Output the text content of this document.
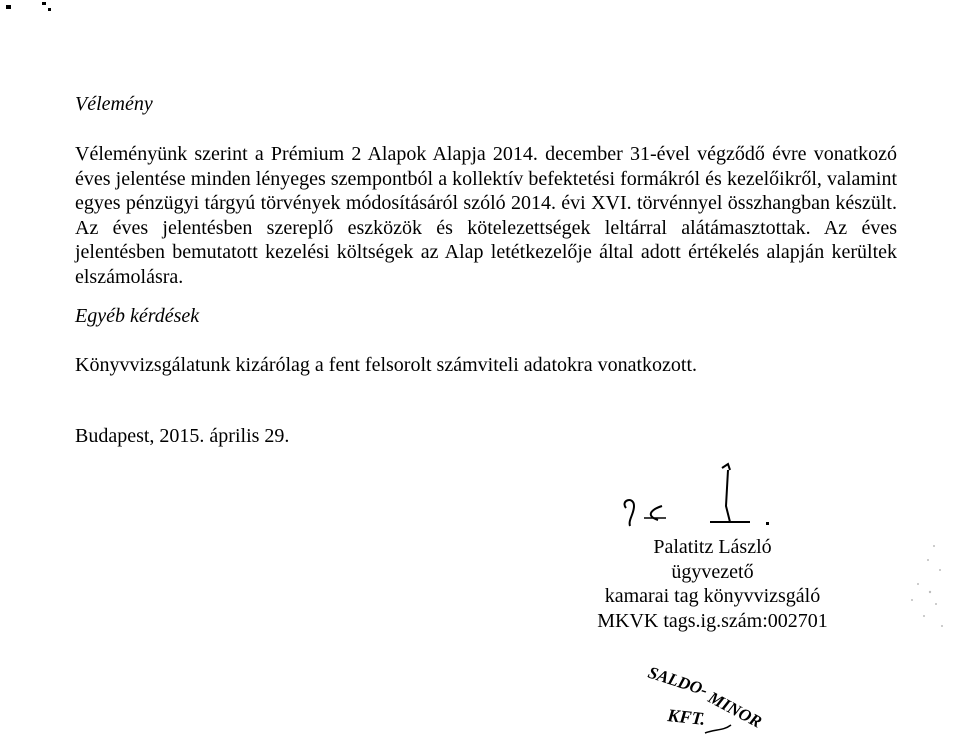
Vélemény
Véleményünk szerint a Prémium 2 Alapok Alapja 2014. december 31-ével végződő évre vonatkozó éves jelentése minden lényeges szempontból a kollektív befektetési formákról és kezelőikről, valamint egyes pénzügyi tárgyú törvények módosításáról szóló 2014. évi XVI. törvénnyel összhangban készült. Az éves jelentésben szereplő eszközök és kötelezettségek leltárral alátámasztottak. Az éves jelentésben bemutatott kezelési költségek az Alap letétkezelője által adott értékelés alapján kerültek elszámolásra.
Egyéb kérdések
Könyvvizsgálatunk kizárólag a fent felsorolt számviteli adatokra vonatkozott.
Budapest, 2015. április 29.
Palatitz László
ügyvezető
kamarai tag könyvvizsgáló
MKVK tags.ig.szám:002701
SALDO-
MINOR
KFT.
